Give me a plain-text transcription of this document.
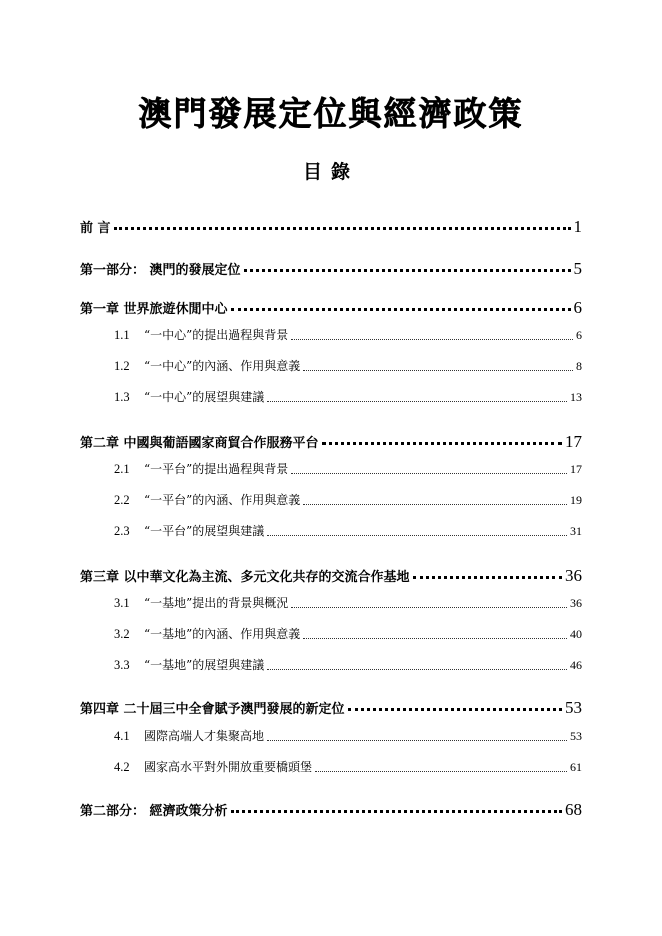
澳門發展定位與經濟政策
目錄
前 言	1
第一部分： 澳門的發展定位	5
第一章 世界旅遊休閒中心	6
1.1	“一中心”的提出過程與背景	6
1.2	“一中心”的內涵、作用與意義	8
1.3	“一中心”的展望與建議	13
第二章 中國與葡語國家商貿合作服務平台	17
2.1	“一平台”的提出過程與背景	17
2.2	“一平台”的內涵、作用與意義	19
2.3	“一平台”的展望與建議	31
第三章 以中華文化為主流、多元文化共存的交流合作基地	36
3.1	“一基地”提出的背景與概況	36
3.2	“一基地”的內涵、作用與意義	40
3.3	“一基地”的展望與建議	46
第四章 二十屆三中全會賦予澳門發展的新定位	53
4.1	國際高端人才集聚高地	53
4.2	國家高水平對外開放重要橋頭堡	61
第二部分： 經濟政策分析	68
